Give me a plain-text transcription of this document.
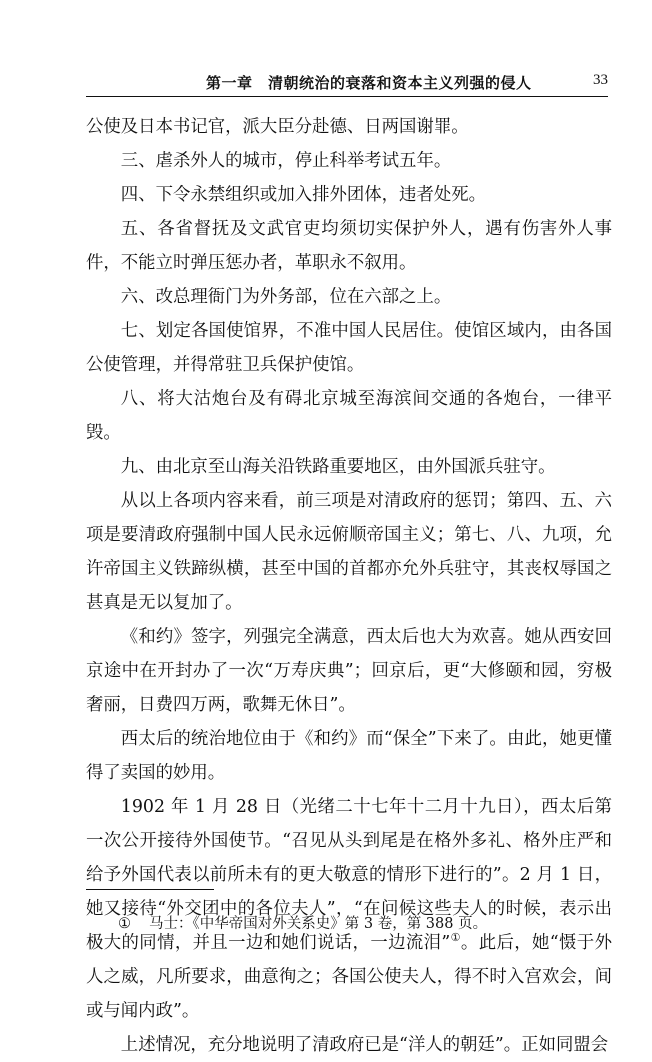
第一章　清朝统治的衰落和资本主义列强的侵人	33

公使及日本书记官，派大臣分赴德、日两国谢罪。

三、虐杀外人的城市，停止科举考试五年。

四、下令永禁组织或加入排外团体，违者处死。

五、各省督抚及文武官吏均须切实保护外人，遇有伤害外人事件，不能立时弹压惩办者，革职永不叙用。

六、改总理衙门为外务部，位在六部之上。

七、划定各国使馆界，不准中国人民居住。使馆区域内，由各国公使管理，并得常驻卫兵保护使馆。

八、将大沽炮台及有碍北京城至海滨间交通的各炮台，一律平毁。

九、由北京至山海关沿铁路重要地区，由外国派兵驻守。

从以上各项内容来看，前三项是对清政府的惩罚；第四、五、六项是要清政府强制中国人民永远俯顺帝国主义；第七、八、九项，允许帝国主义铁蹄纵横，甚至中国的首都亦允外兵驻守，其丧权辱国之甚真是无以复加了。

《和约》签字，列强完全满意，西太后也大为欢喜。她从西安回京途中在开封办了一次“万寿庆典”；回京后，更“大修颐和园，穷极奢丽，日费四万两，歌舞无休日”。

西太后的统治地位由于《和约》而“保全”下来了。由此，她更懂得了卖国的妙用。

1902 年 1 月 28 日（光绪二十七年十二月十九日），西太后第一次公开接待外国使节。“召见从头到尾是在格外多礼、格外庄严和给予外国代表以前所未有的更大敬意的情形下进行的”。2 月 1 日，她又接待“外交团中的各位夫人”，“在问候这些夫人的时候，表示出极大的同情，并且一边和她们说话，一边流泪”①。此后，她“慑于外人之威，凡所要求，曲意徇之；各国公使夫人，得不时入宫欢会，间或与闻内政”。

上述情况，充分地说明了清政府已是“洋人的朝廷”。正如同盟会

① 马士：《中华帝国对外关系史》第 3 卷，第 388 页。
